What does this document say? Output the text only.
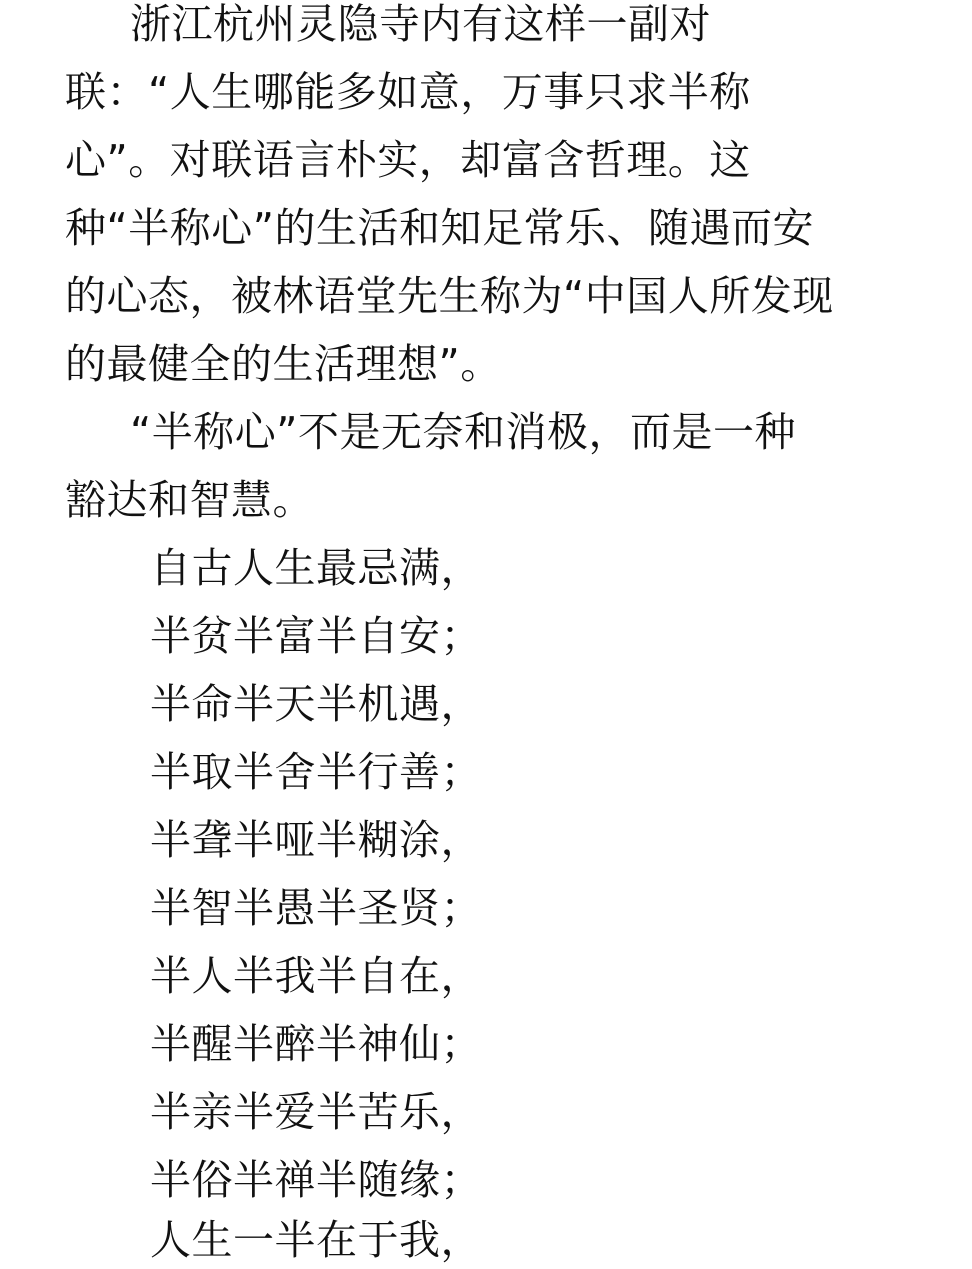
浙江杭州灵隐寺内有这样一副对
联：“人生哪能多如意，万事只求半称
心”。对联语言朴实，却富含哲理。这
种“半称心”的生活和知足常乐、随遇而安
的心态，被林语堂先生称为“中国人所发现
的最健全的生活理想”。
“半称心”不是无奈和消极，而是一种
豁达和智慧。
自古人生最忌满，
半贫半富半自安；
半命半天半机遇，
半取半舍半行善；
半聋半哑半糊涂，
半智半愚半圣贤；
半人半我半自在，
半醒半醉半神仙；
半亲半爱半苦乐，
半俗半禅半随缘；
人生一半在于我，
